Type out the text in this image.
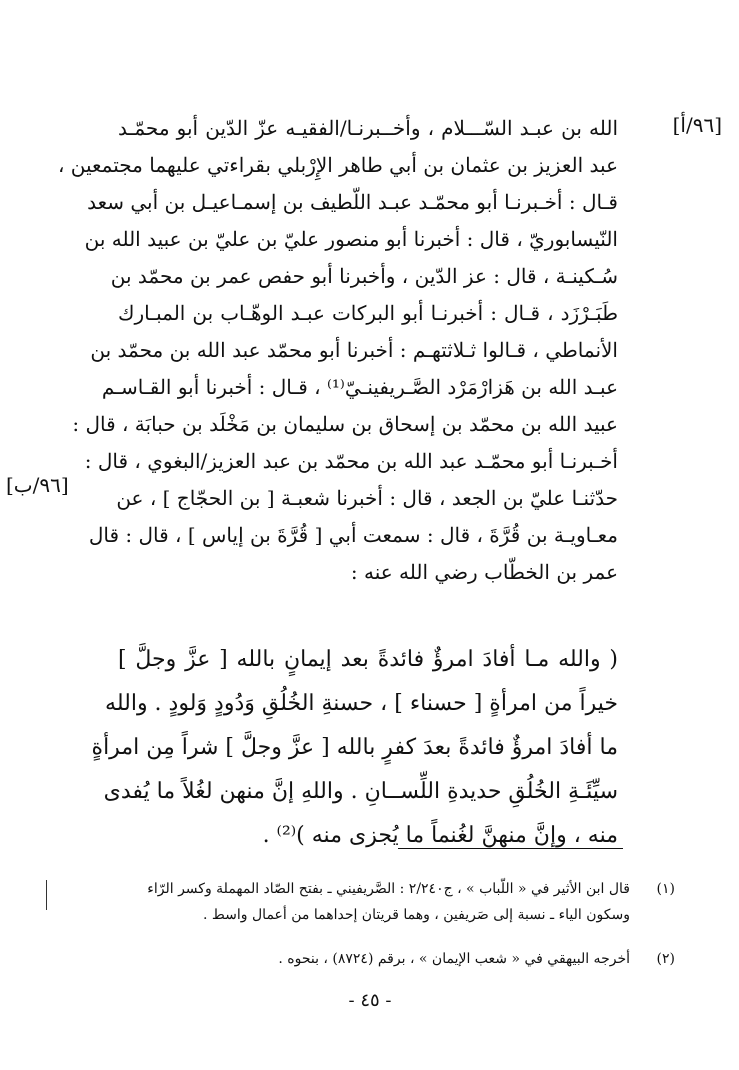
[٩٦/أ]
[٩٦/ب]
الله بن عبـد السّـــلام ، وأخــبرنـا/الفقيـه عزّ الدّين أبو محمّـد
عبد العزيز بن عثمان بن أبي طاهر الإِرْبلي بقراءتي عليهما مجتمعين ،
قـال : أخـبرنـا أبو محمّـد عبـد اللّطيف بن إسمـاعيـل بن أبي سعد
النّيسابوريّ ، قال : أخبرنا أبو منصور عليّ بن عليّ بن عبيد الله بن
سُـكينـة ، قال : عز الدّين ، وأخبرنا أبو حفص عمر بن محمّد بن
طَبَـرْزَد ، قـال : أخبرنـا أبو البركات عبـد الوهّـاب بن المبـارك
الأنماطي ، قـالوا ثـلاثتهـم : أخبرنا أبو محمّد عبد الله بن محمّد بن
عبـد الله بن هَزارْمَرْد الصَّـريفينـيّ⁽¹⁾ ، قـال : أخبرنا أبو القـاسـم
عبيد الله بن محمّد بن إسحاق بن سليمان بن مَخْلَد بن حبابَة ، قال :
أخـبرنـا أبو محمّـد عبد الله بن محمّد بن عبد العزيز/البغوي ، قال :
حدّثنـا عليّ بن الجعد ، قال : أخبرنا شعبـة [ بن الحجّاج ] ، عن
معـاويـة بن قُرَّةَ ، قال : سمعت أبي [ قُرَّةَ بن إياس ] ، قال : قال
عمر بن الخطّاب رضي الله عنه :
( والله مـا أفادَ امرؤٌ فائدةً بعد إيمانٍ بالله [ عزَّ وجلَّ ]
خيراً من امرأةٍ [ حسناء ] ، حسنةِ الخُلُقِ وَدُودٍ وَلودٍ . والله
ما أفادَ امرؤٌ فائدةً بعدَ كفرٍ بالله [ عزَّ وجلَّ ] شراً مِن امرأةٍ
سيِّئَـةِ الخُلُقِ حديدةِ اللِّســانِ . واللهِ إنَّ منهن لغُلاً ما يُفدى
منه ، وإنَّ منهنَّ لغُنماً ما يُجزى منه )⁽²⁾ .
(١)قال ابن الأثير في « اللّباب » ، ج٢/٢٤٠ : الصَّريفيني ـ بفتح الصّاد المهملة وكسر الرّاء
وسكون الياء ـ نسبة إلى صَريفين ، وهما قريتان إحداهما من أعمال واسط .
(٢)أخرجه البيهقي في « شعب الإيمان » ، برقم (٨٧٢٤) ، بنحوه .
- ٤٥ -
